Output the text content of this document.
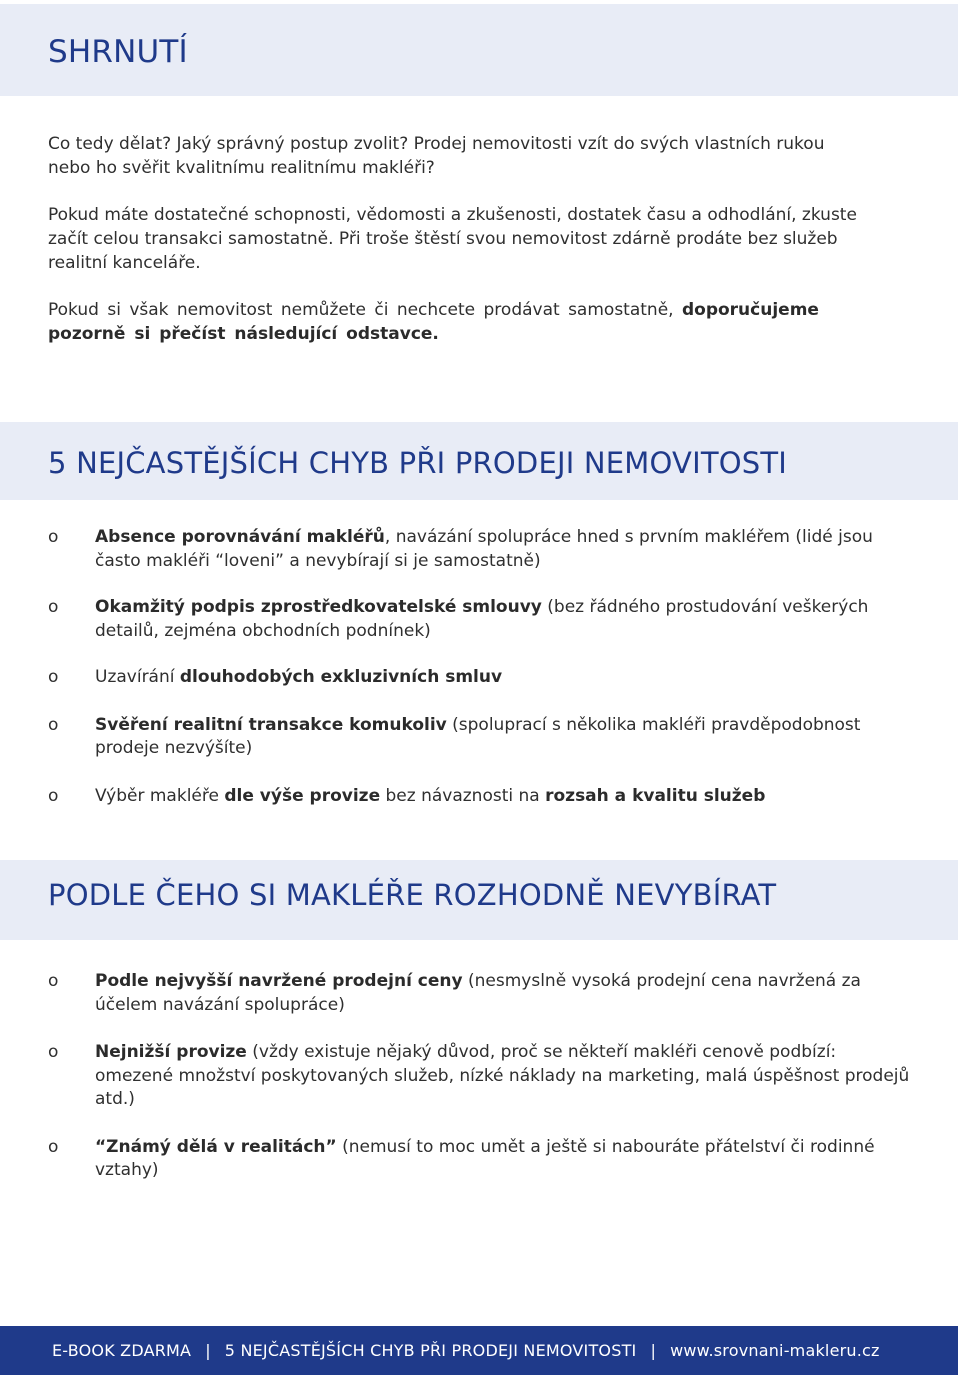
SHRNUTÍ

Co tedy dělat? Jaký správný postup zvolit? Prodej nemovitosti vzít do svých vlastních rukou
nebo ho svěřit kvalitnímu realitnímu makléři?

Pokud máte dostatečné schopnosti, vědomosti a zkušenosti, dostatek času a odhodlání, zkuste
začít celou transakci samostatně. Při troše štěstí svou nemovitost zdárně prodáte bez služeb
realitní kanceláře.

Pokud si však nemovitost nemůžete či nechcete prodávat samostatně, doporučujeme
pozorně si přečíst následující odstavce.

5 NEJČASTĚJŠÍCH CHYB PŘI PRODEJI NEMOVITOSTI
o	Absence porovnávání makléřů, navázání spolupráce hned s prvním makléřem (lidé jsou často makléři “loveni” a nevybírají si je samostatně)
o	Okamžitý podpis zprostředkovatelské smlouvy (bez řádného prostudování veškerých detailů, zejména obchodních podnínek)
o	Uzavírání dlouhodobých exkluzivních smluv
o	Svěření realitní transakce komukoliv (spoluprací s několika makléři pravděpodobnost prodeje nezvýšíte)
o	Výběr makléře dle výše provize bez návaznosti na rozsah a kvalitu služeb
PODLE ČEHO SI MAKLÉŘE ROZHODNĚ NEVYBÍRAT
o	Podle nejvyšší navržené prodejní ceny (nesmyslně vysoká prodejní cena navržená za účelem navázání spolupráce)
o	Nejnižší provize (vždy existuje nějaký důvod, proč se někteří makléři cenově podbízí: omezené množství poskytovaných služeb, nízké náklady na marketing, malá úspěšnost prodejů atd.)
o	“Známý dělá v realitách” (nemusí to moc umět a ještě si nabouráte přátelství či rodinné vztahy)
E-BOOK ZDARMA | 5 NEJČASTĚJŠÍCH CHYB PŘI PRODEJI NEMOVITOSTI | www.srovnani-makleru.cz
